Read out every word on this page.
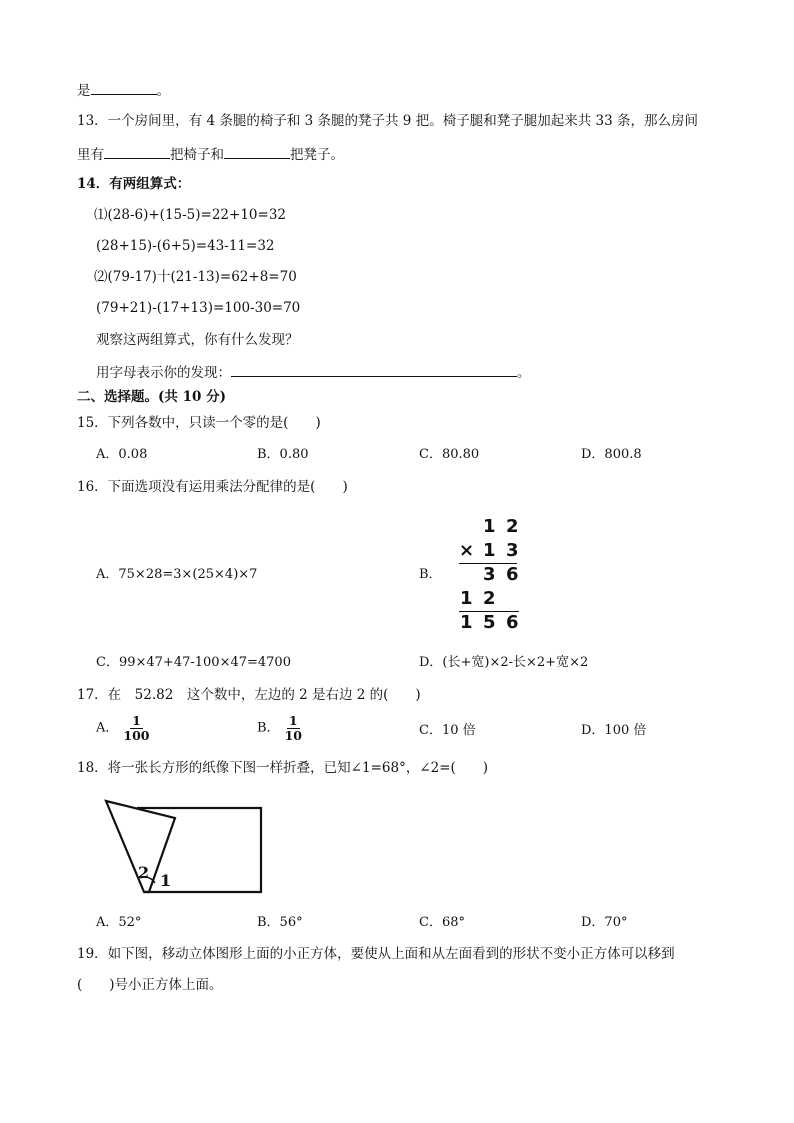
是	。
13．一个房间里，有 4 条腿的椅子和 3 条腿的凳子共 9 把。椅子腿和凳子腿加起来共 33 条，那么房间
里有	把椅子和	把凳子。
14．有两组算式：
⑴(28-6)+(15-5)=22+10=32
(28+15)-(6+5)=43-11=32
⑵(79-17)十(21-13)=62+8=70
(79+21)-(17+13)=100-30=70
观察这两组算式，你有什么发现？
用字母表示你的发现：	。
二、选择题。(共 10 分)
15．下列各数中，只读一个零的是(　　)
A．0.08	B．0.80	C．80.80	D．800.8
16．下面选项没有运用乘法分配律的是(　　)
A．75×28=3×(25×4)×7	B．
1 2
× 1 3
3 6
1 2
1 5 6
C．99×47+47-100×47=4700	D．(长+宽)×2-长×2+宽×2
17．在　52.82　这个数中，左边的 2 是右边 2 的(　　)
A． $\frac{1}{100}$	B． $\frac{1}{10}$	C．10 倍	D．100 倍
18．将一张长方形的纸像下图一样折叠，已知∠1=68°，∠2=(　　)
2 1
A．52°	B．56°	C．68°	D．70°
19．如下图，移动立体图形上面的小正方体，要使从上面和从左面看到的形状不变小正方体可以移到
(　　)号小正方体上面。
